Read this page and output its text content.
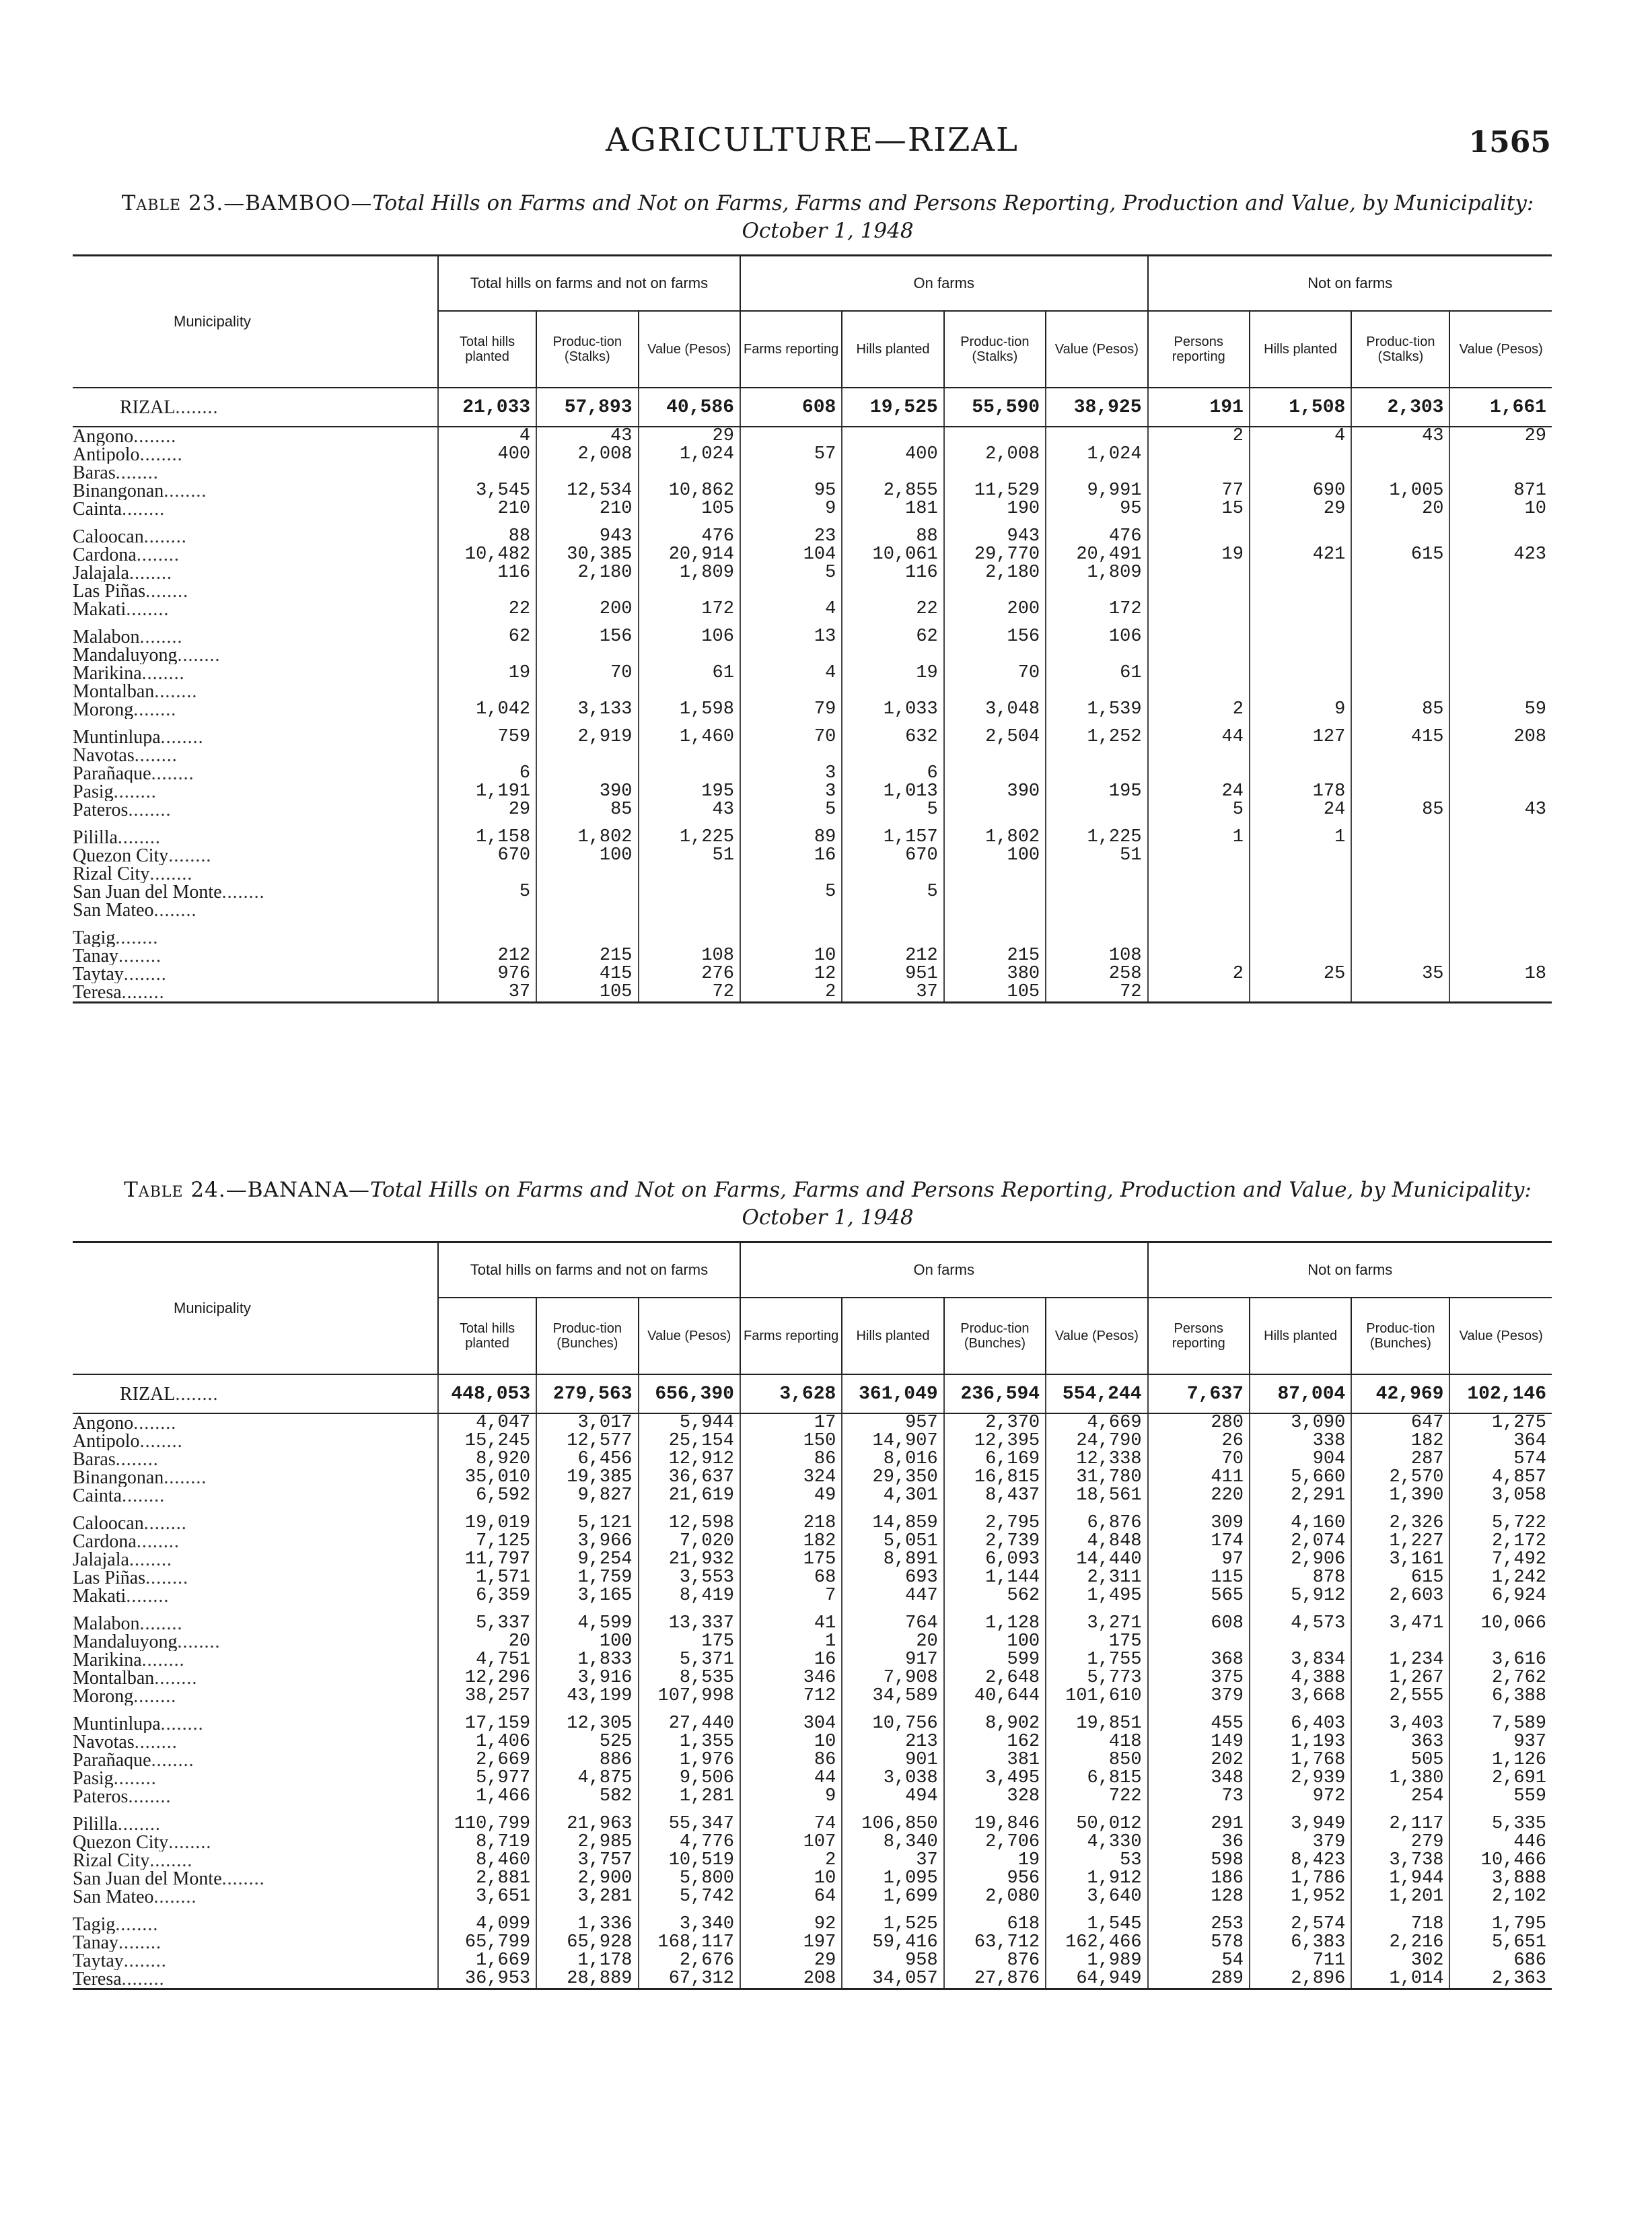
AGRICULTURE—RIZAL	1565
Table 23.—BAMBOO—Total Hills on Farms and Not on Farms, Farms and Persons Reporting, Production and Value, by Municipality: October 1, 1948
Municipality	Total hills on farms and not on farms			On farms				Not on farms			
	Total hills planted	Produc-tion (Stalks)	Value (Pesos)	Farms reporting	Hills planted	Produc-tion (Stalks)	Value (Pesos)	Persons reporting	Hills planted	Produc-tion (Stalks)	Value (Pesos)
RIZAL........	21,033	57,893	40,586	608	19,525	55,590	38,925	191	1,508	2,303	1,661
Angono........	4	43	29					2	4	43	29
Antipolo........	400	2,008	1,024	57	400	2,008	1,024				
Baras........											
Binangonan........	3,545	12,534	10,862	95	2,855	11,529	9,991	77	690	1,005	871
Cainta........	210	210	105	9	181	190	95	15	29	20	10
Caloocan........	88	943	476	23	88	943	476				
Cardona........	10,482	30,385	20,914	104	10,061	29,770	20,491	19	421	615	423
Jalajala........	116	2,180	1,809	5	116	2,180	1,809				
Las Piñas........											
Makati........	22	200	172	4	22	200	172				
Malabon........	62	156	106	13	62	156	106				
Mandaluyong........											
Marikina........	19	70	61	4	19	70	61				
Montalban........											
Morong........	1,042	3,133	1,598	79	1,033	3,048	1,539	2	9	85	59
Muntinlupa........	759	2,919	1,460	70	632	2,504	1,252	44	127	415	208
Navotas........											
Parañaque........	6			3	6						
Pasig........	1,191	390	195	3	1,013	390	195	24	178		
Pateros........	29	85	43	5	5			5	24	85	43
Pililla........	1,158	1,802	1,225	89	1,157	1,802	1,225	1	1		
Quezon City........	670	100	51	16	670	100	51				
Rizal City........											
San Juan del Monte........	5			5	5						
San Mateo........											
Tagig........											
Tanay........	212	215	108	10	212	215	108				
Taytay........	976	415	276	12	951	380	258	2	25	35	18
Teresa........	37	105	72	2	37	105	72				
Table 24.—BANANA—Total Hills on Farms and Not on Farms, Farms and Persons Reporting, Production and Value, by Municipality: October 1, 1948
Municipality	Total hills on farms and not on farms			On farms				Not on farms			
	Total hills planted	Produc-tion (Bunches)	Value (Pesos)	Farms reporting	Hills planted	Produc-tion (Bunches)	Value (Pesos)	Persons reporting	Hills planted	Produc-tion (Bunches)	Value (Pesos)
RIZAL........	448,053	279,563	656,390	3,628	361,049	236,594	554,244	7,637	87,004	42,969	102,146
Angono........	4,047	3,017	5,944	17	957	2,370	4,669	280	3,090	647	1,275
Antipolo........	15,245	12,577	25,154	150	14,907	12,395	24,790	26	338	182	364
Baras........	8,920	6,456	12,912	86	8,016	6,169	12,338	70	904	287	574
Binangonan........	35,010	19,385	36,637	324	29,350	16,815	31,780	411	5,660	2,570	4,857
Cainta........	6,592	9,827	21,619	49	4,301	8,437	18,561	220	2,291	1,390	3,058
Caloocan........	19,019	5,121	12,598	218	14,859	2,795	6,876	309	4,160	2,326	5,722
Cardona........	7,125	3,966	7,020	182	5,051	2,739	4,848	174	2,074	1,227	2,172
Jalajala........	11,797	9,254	21,932	175	8,891	6,093	14,440	97	2,906	3,161	7,492
Las Piñas........	1,571	1,759	3,553	68	693	1,144	2,311	115	878	615	1,242
Makati........	6,359	3,165	8,419	7	447	562	1,495	565	5,912	2,603	6,924
Malabon........	5,337	4,599	13,337	41	764	1,128	3,271	608	4,573	3,471	10,066
Mandaluyong........	20	100	175	1	20	100	175				
Marikina........	4,751	1,833	5,371	16	917	599	1,755	368	3,834	1,234	3,616
Montalban........	12,296	3,916	8,535	346	7,908	2,648	5,773	375	4,388	1,267	2,762
Morong........	38,257	43,199	107,998	712	34,589	40,644	101,610	379	3,668	2,555	6,388
Muntinlupa........	17,159	12,305	27,440	304	10,756	8,902	19,851	455	6,403	3,403	7,589
Navotas........	1,406	525	1,355	10	213	162	418	149	1,193	363	937
Parañaque........	2,669	886	1,976	86	901	381	850	202	1,768	505	1,126
Pasig........	5,977	4,875	9,506	44	3,038	3,495	6,815	348	2,939	1,380	2,691
Pateros........	1,466	582	1,281	9	494	328	722	73	972	254	559
Pililla........	110,799	21,963	55,347	74	106,850	19,846	50,012	291	3,949	2,117	5,335
Quezon City........	8,719	2,985	4,776	107	8,340	2,706	4,330	36	379	279	446
Rizal City........	8,460	3,757	10,519	2	37	19	53	598	8,423	3,738	10,466
San Juan del Monte........	2,881	2,900	5,800	10	1,095	956	1,912	186	1,786	1,944	3,888
San Mateo........	3,651	3,281	5,742	64	1,699	2,080	3,640	128	1,952	1,201	2,102
Tagig........	4,099	1,336	3,340	92	1,525	618	1,545	253	2,574	718	1,795
Tanay........	65,799	65,928	168,117	197	59,416	63,712	162,466	578	6,383	2,216	5,651
Taytay........	1,669	1,178	2,676	29	958	876	1,989	54	711	302	686
Teresa........	36,953	28,889	67,312	208	34,057	27,876	64,949	289	2,896	1,014	2,363
